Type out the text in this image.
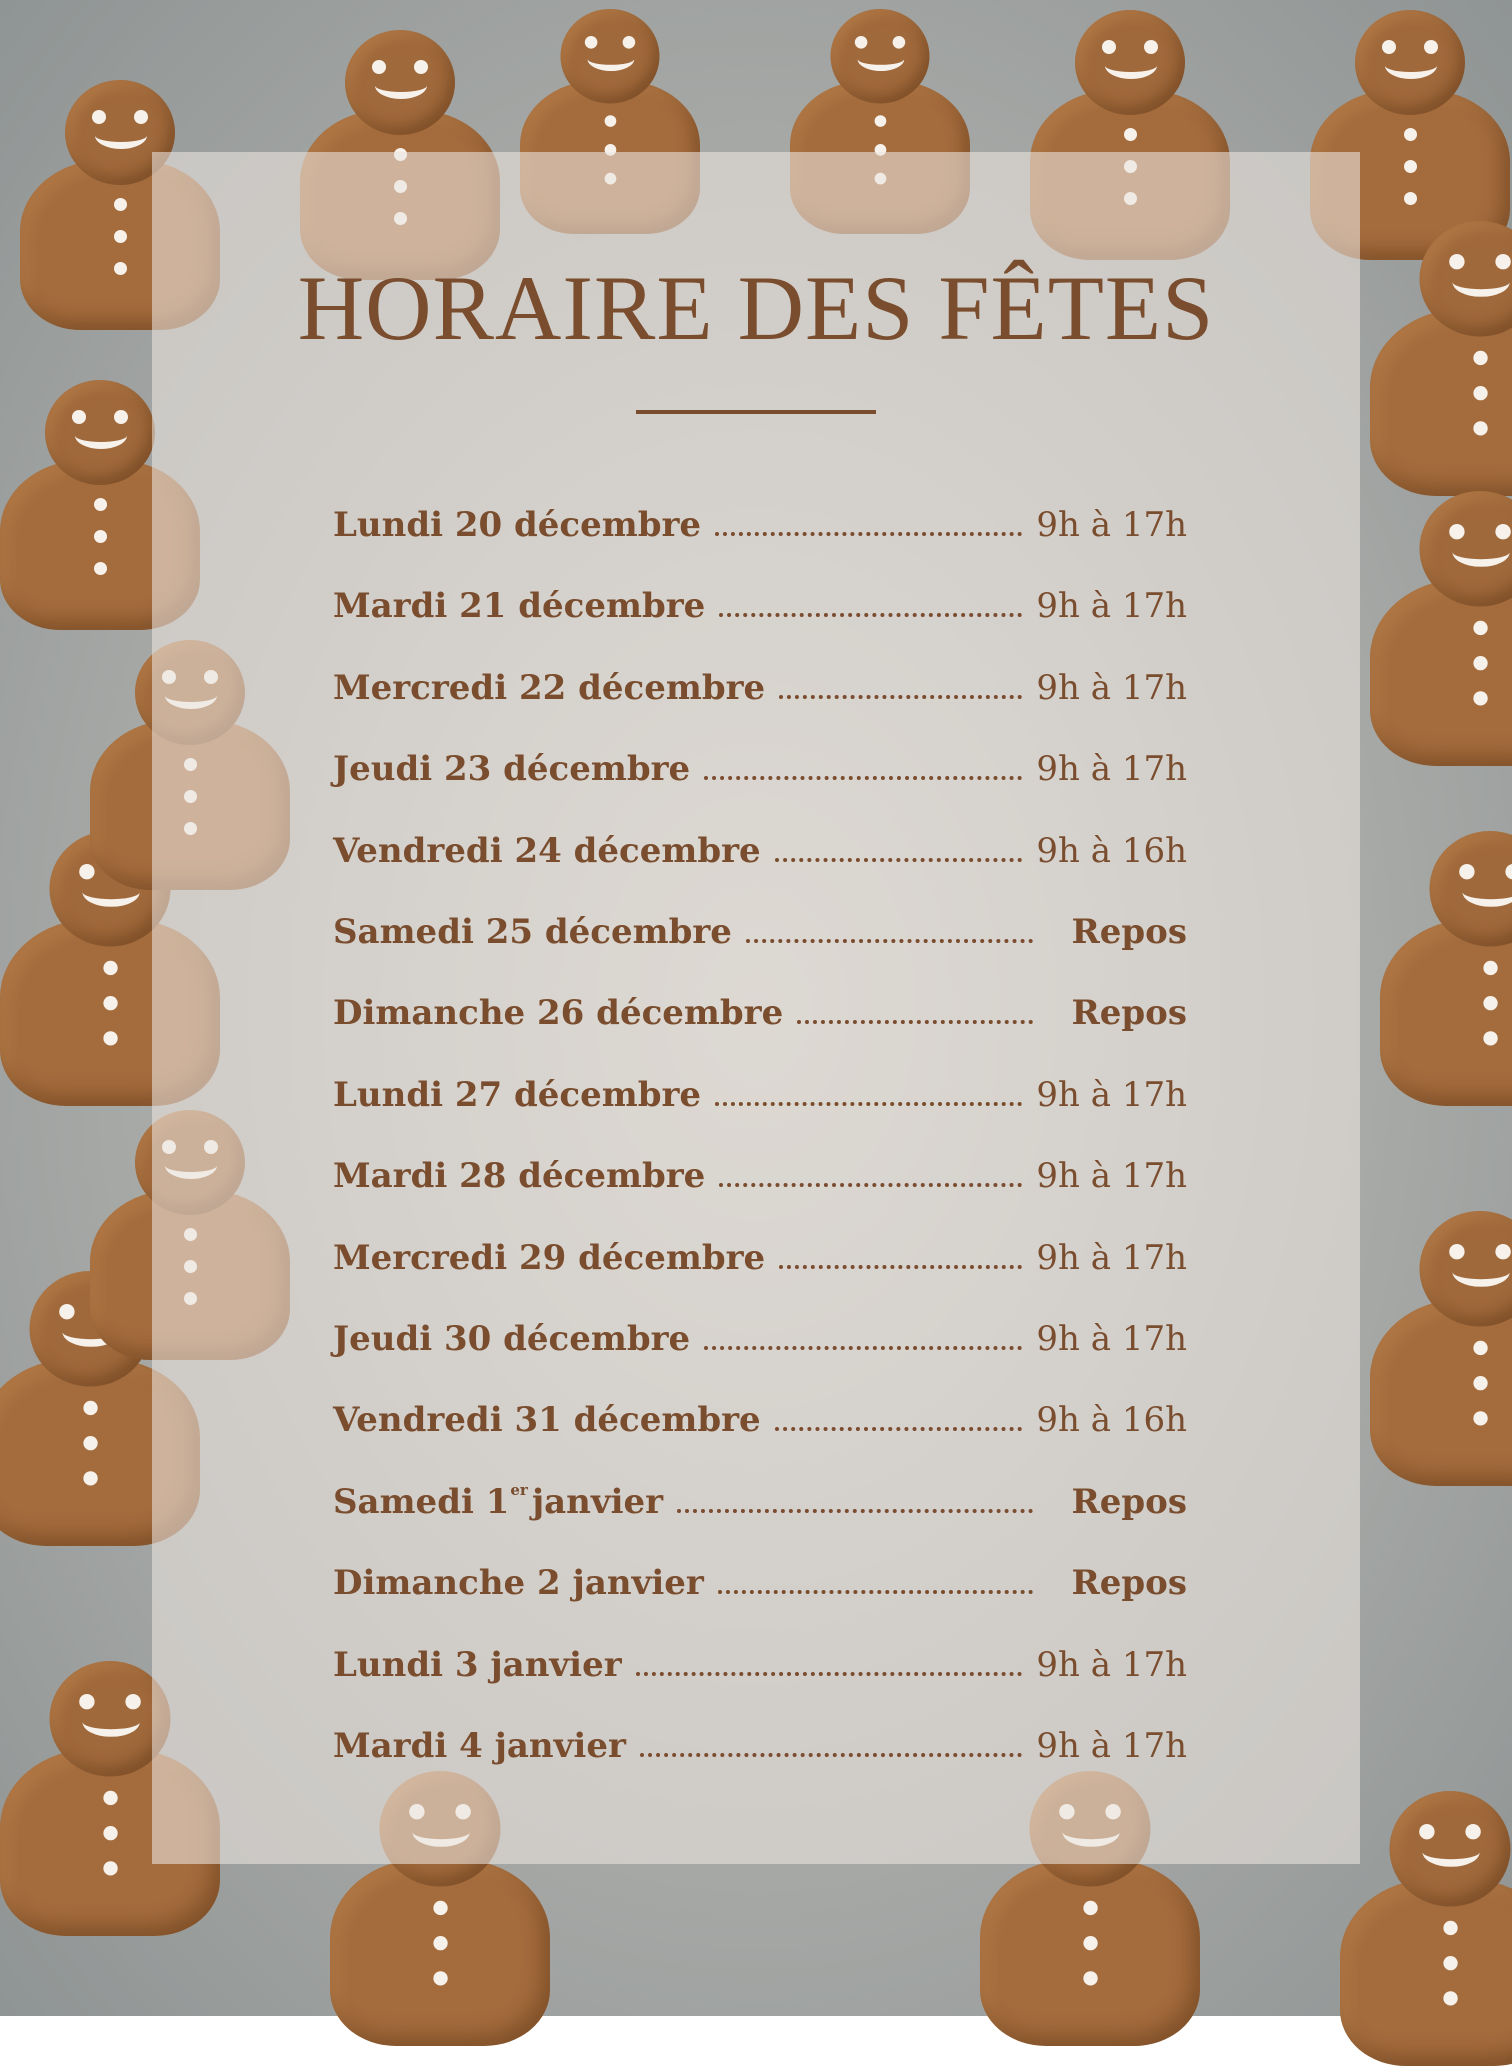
HORAIRE DES FÊTES
Lundi 20 décembre	9h à 17h
Mardi 21 décembre	9h à 17h
Mercredi 22 décembre	9h à 17h
Jeudi 23 décembre	9h à 17h
Vendredi 24 décembre	9h à 16h
Samedi 25 décembre	Repos
Dimanche 26 décembre	Repos
Lundi 27 décembre	9h à 17h
Mardi 28 décembre	9h à 17h
Mercredi 29 décembre	9h à 17h
Jeudi 30 décembre	9h à 17h
Vendredi 31 décembre	9h à 16h
Samedi 1er janvier	Repos
Dimanche 2 janvier	Repos
Lundi 3 janvier	9h à 17h
Mardi 4 janvier	9h à 17h
